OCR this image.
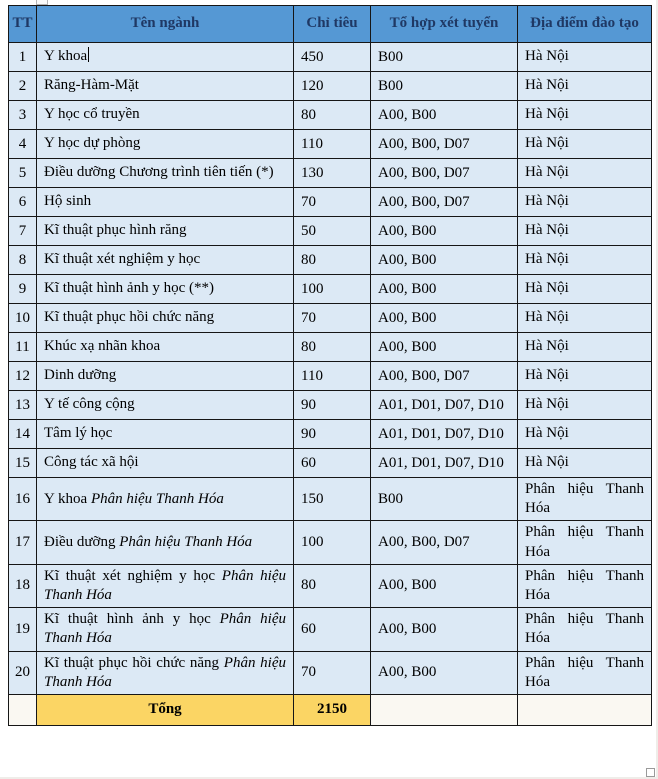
TT	Tên ngành	Chỉ tiêu	Tổ hợp xét tuyển	Địa điểm đào tạo
1	Y khoa	450	B00	Hà Nội
2	Răng-Hàm-Mặt	120	B00	Hà Nội
3	Y học cổ truyền	80	A00, B00	Hà Nội
4	Y học dự phòng	110	A00, B00, D07	Hà Nội
5	Điều dưỡng Chương trình tiên tiến (*)	130	A00, B00, D07	Hà Nội
6	Hộ sinh	70	A00, B00, D07	Hà Nội
7	Kĩ thuật phục hình răng	50	A00, B00	Hà Nội
8	Kĩ thuật xét nghiệm y học	80	A00, B00	Hà Nội
9	Kĩ thuật hình ảnh y học (**)	100	A00, B00	Hà Nội
10	Kĩ thuật phục hồi chức năng	70	A00, B00	Hà Nội
11	Khúc xạ nhãn khoa	80	A00, B00	Hà Nội
12	Dinh dưỡng	110	A00, B00, D07	Hà Nội
13	Y tế công cộng	90	A01, D01, D07, D10	Hà Nội
14	Tâm lý học	90	A01, D01, D07, D10	Hà Nội
15	Công tác xã hội	60	A01, D01, D07, D10	Hà Nội
16	Y khoa Phân hiệu Thanh Hóa	150	B00	Phân hiệu Thanh Hóa
17	Điều dưỡng Phân hiệu Thanh Hóa	100	A00, B00, D07	Phân hiệu Thanh Hóa
18	Kĩ thuật xét nghiệm y học Phân hiệu Thanh Hóa	80	A00, B00	Phân hiệu Thanh Hóa
19	Kĩ thuật hình ảnh y học Phân hiệu Thanh Hóa	60	A00, B00	Phân hiệu Thanh Hóa
20	Kĩ thuật phục hồi chức năng Phân hiệu Thanh Hóa	70	A00, B00	Phân hiệu Thanh Hóa
	Tổng	2150		
